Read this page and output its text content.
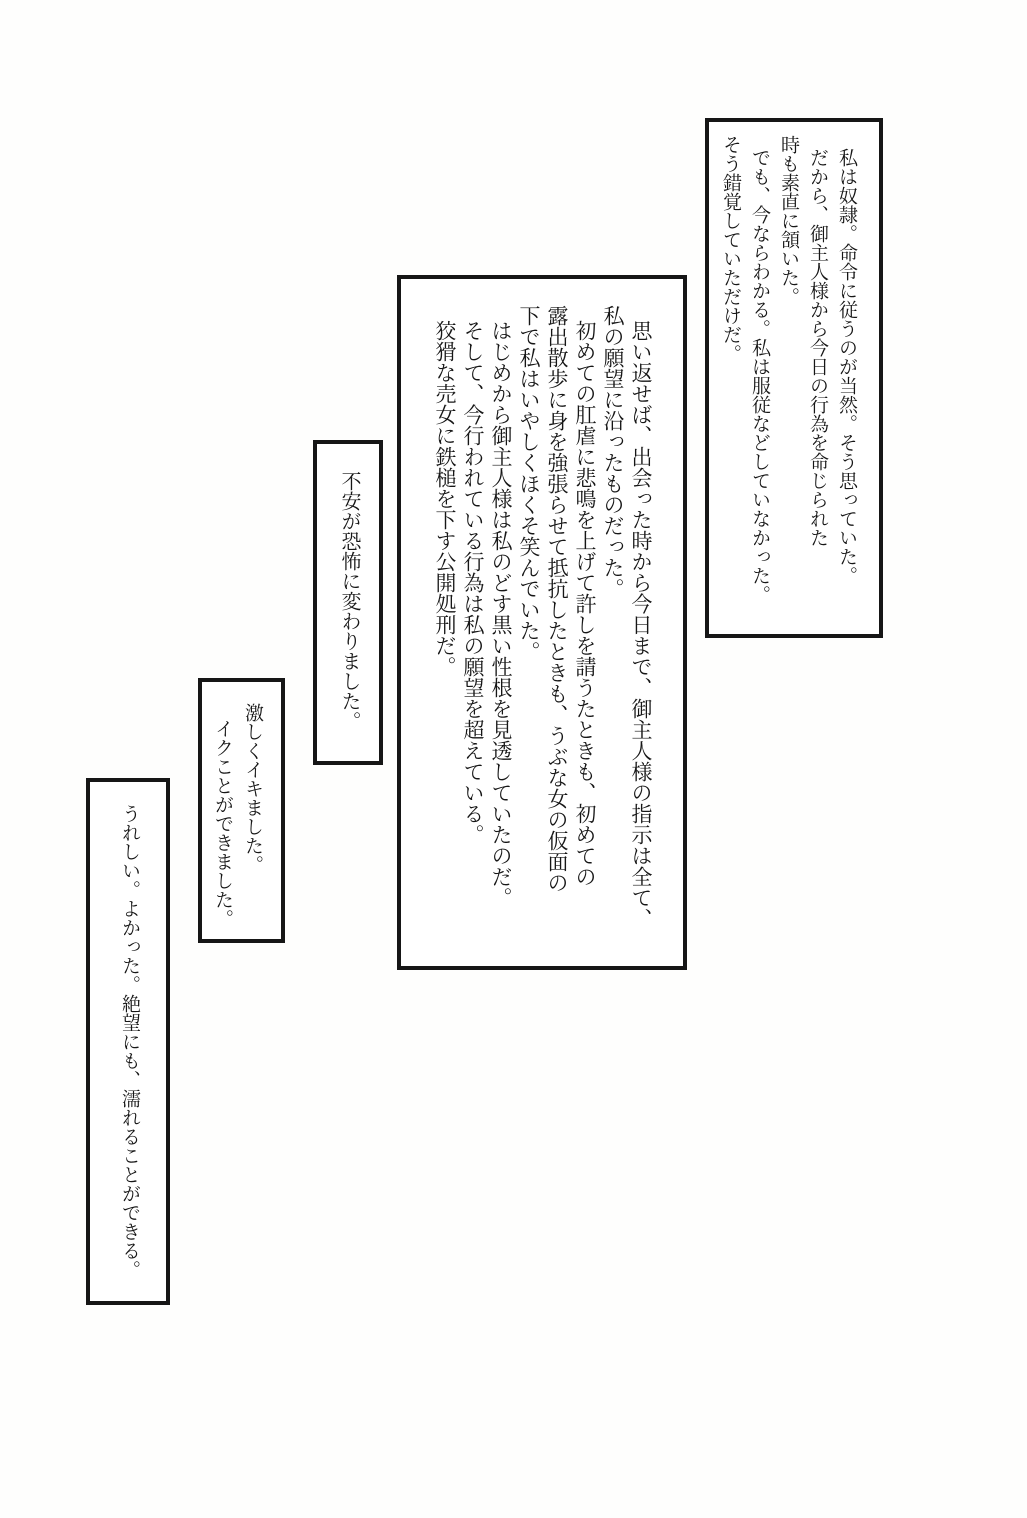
私は奴隷。命令に従うのが当然。そう思っていた。

だから、御主人様から今日の行為を命じられた

時も素直に頷いた。

でも、今ならわかる。私は服従などしていなかった。

そう錯覚していただけだ。

思い返せば、出会った時から今日まで、御主人様の指示は全て、

私の願望に沿ったものだった。

初めての肛虐に悲鳴を上げて許しを請うたときも、初めての

露出散歩に身を強張らせて抵抗したときも、うぶな女の仮面の

下で私はいやしくほくそ笑んでいた。

はじめから御主人様は私のどす黒い性根を見透していたのだ。

そして、今行われている行為は私の願望を超えている。

狡猾な売女に鉄槌を下す公開処刑だ。

不安が恐怖に変わりました。

激しくイキました。

イクことができました。

うれしい。よかった。絶望にも、濡れることができる。
